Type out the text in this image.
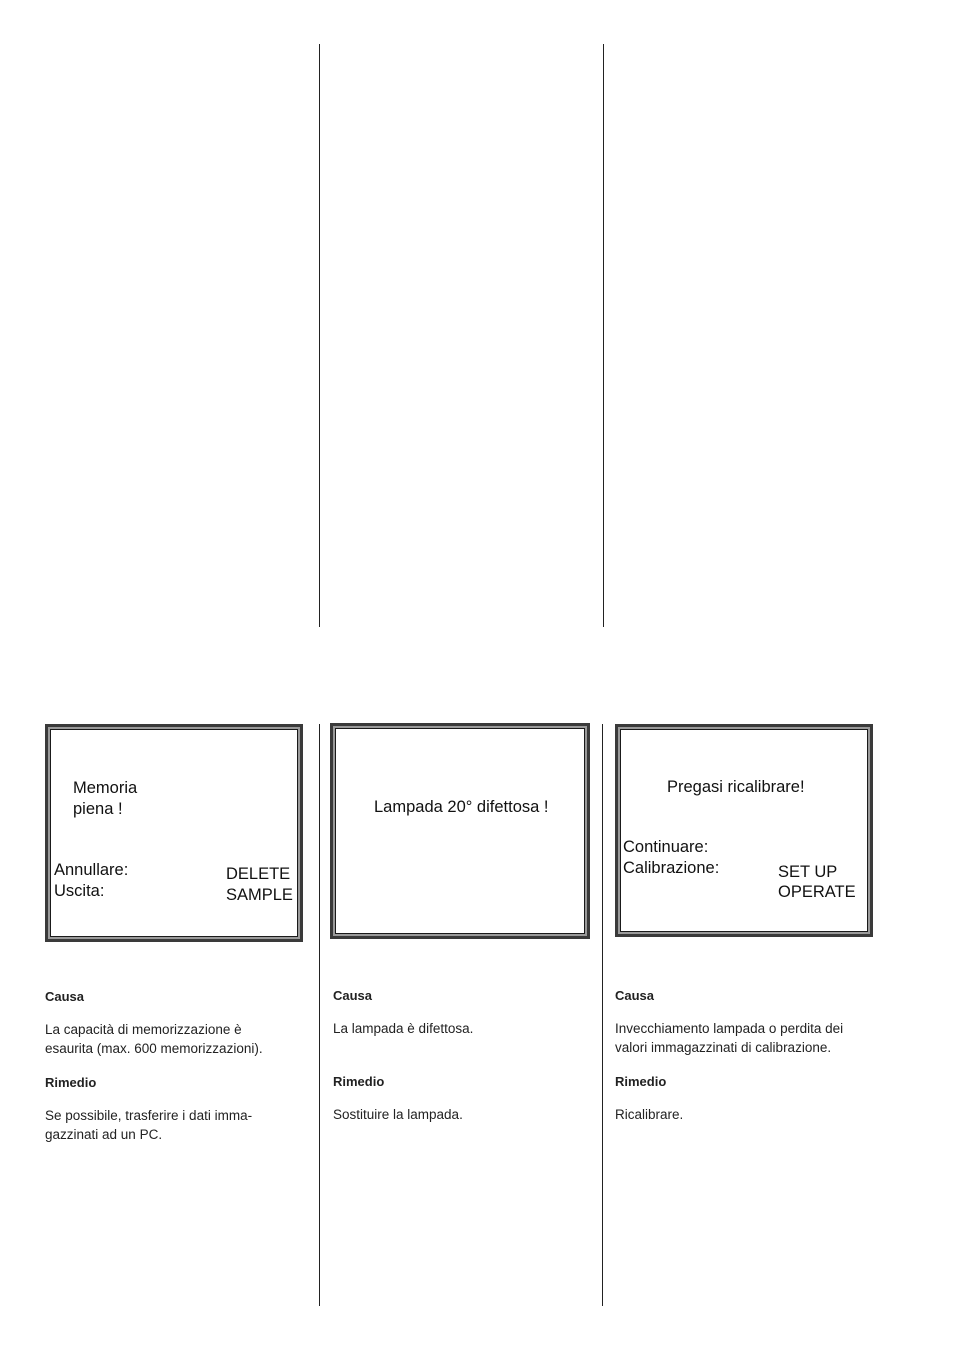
Memoria
piena !
Annullare:
Uscita:
DELETE
SAMPLE

Causa

La capacità di memorizzazione è

esaurita (max. 600 memorizzazioni).

Rimedio

Se possibile, trasferire i dati imma-

gazzinati ad un PC.

Lampada 20° difettosa !

Causa

La lampada è difettosa.

Rimedio

Sostituire la lampada.

Pregasi ricalibrare!
Continuare:
Calibrazione:	SET UP
OPERATE

Causa

Invecchiamento lampada o perdita dei

valori immagazzinati di calibrazione.

Rimedio

Ricalibrare.
